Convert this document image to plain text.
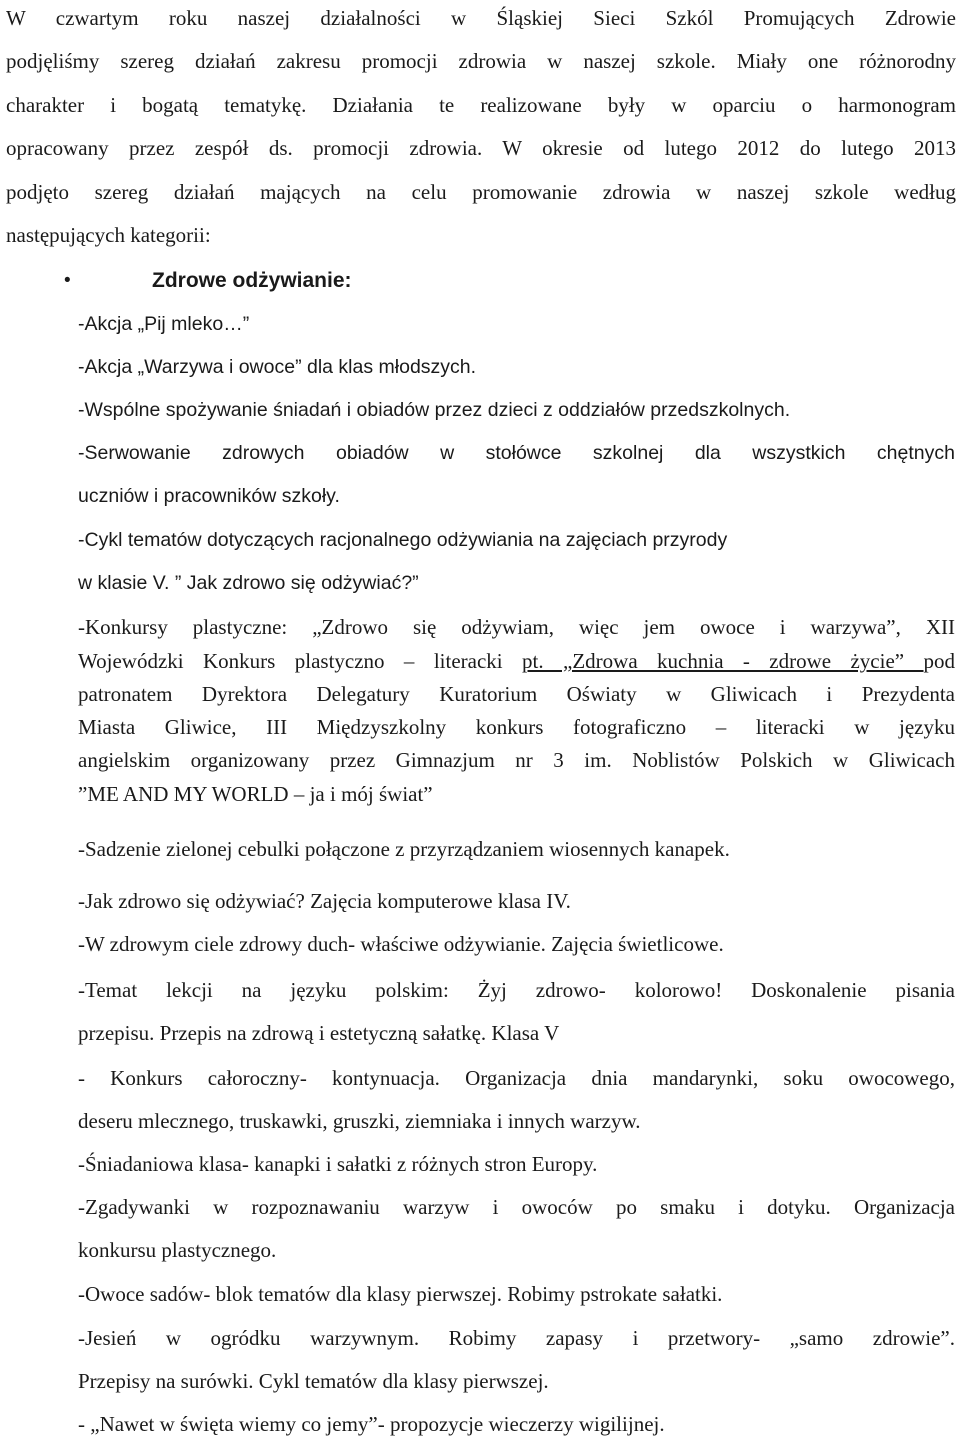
W czwartym roku naszej działalności w Śląskiej Sieci Szkól Promujących Zdrowie
podjęliśmy szereg działań zakresu promocji zdrowia w naszej szkole. Miały one różnorodny
charakter i bogatą tematykę. Działania te realizowane były w oparciu o harmonogram
opracowany przez zespół ds. promocji zdrowia. W okresie od lutego 2012 do lutego 2013
podjęto szereg działań mających na celu promowanie zdrowia w naszej szkole według
następujących kategorii:
•	Zdrowe odżywianie:
-Akcja „Pij mleko…”
-Akcja „Warzywa i owoce” dla klas młodszych.
-Wspólne spożywanie śniadań i obiadów przez dzieci z oddziałów przedszkolnych.
-Serwowanie zdrowych obiadów w stołówce szkolnej dla wszystkich chętnych
uczniów i pracowników szkoły.
-Cykl tematów dotyczących racjonalnego odżywiania na zajęciach przyrody
w klasie V. ” Jak zdrowo się odżywiać?”
-Konkursy plastyczne: „Zdrowo się odżywiam, więc jem owoce i warzywa”, XII
Wojewódzki Konkurs plastyczno – literacki pt. „Zdrowa kuchnia - zdrowe życie” pod
patronatem Dyrektora Delegatury Kuratorium Oświaty w Gliwicach i Prezydenta
Miasta Gliwice, III Międzyszkolny konkurs fotograficzno – literacki w języku
angielskim organizowany przez Gimnazjum nr 3 im. Noblistów Polskich w Gliwicach
”ME AND MY WORLD – ja i mój świat”
-Sadzenie zielonej cebulki połączone z przyrządzaniem wiosennych kanapek.
-Jak zdrowo się odżywiać? Zajęcia komputerowe klasa IV.
-W zdrowym ciele zdrowy duch- właściwe odżywianie. Zajęcia świetlicowe.
-Temat lekcji na języku polskim: Żyj zdrowo- kolorowo! Doskonalenie pisania
przepisu. Przepis na zdrową i estetyczną sałatkę. Klasa V
- Konkurs całoroczny- kontynuacja. Organizacja dnia mandarynki, soku owocowego,
deseru mlecznego, truskawki, gruszki, ziemniaka i innych warzyw.
-Śniadaniowa klasa- kanapki i sałatki z różnych stron Europy.
-Zgadywanki w rozpoznawaniu warzyw i owoców po smaku i dotyku. Organizacja
konkursu plastycznego.
-Owoce sadów- blok tematów dla klasy pierwszej. Robimy pstrokate sałatki.
-Jesień w ogródku warzywnym. Robimy zapasy i przetwory- „samo zdrowie”.
Przepisy na surówki. Cykl tematów dla klasy pierwszej.
- „Nawet w święta wiemy co jemy”- propozycje wieczerzy wigilijnej.
